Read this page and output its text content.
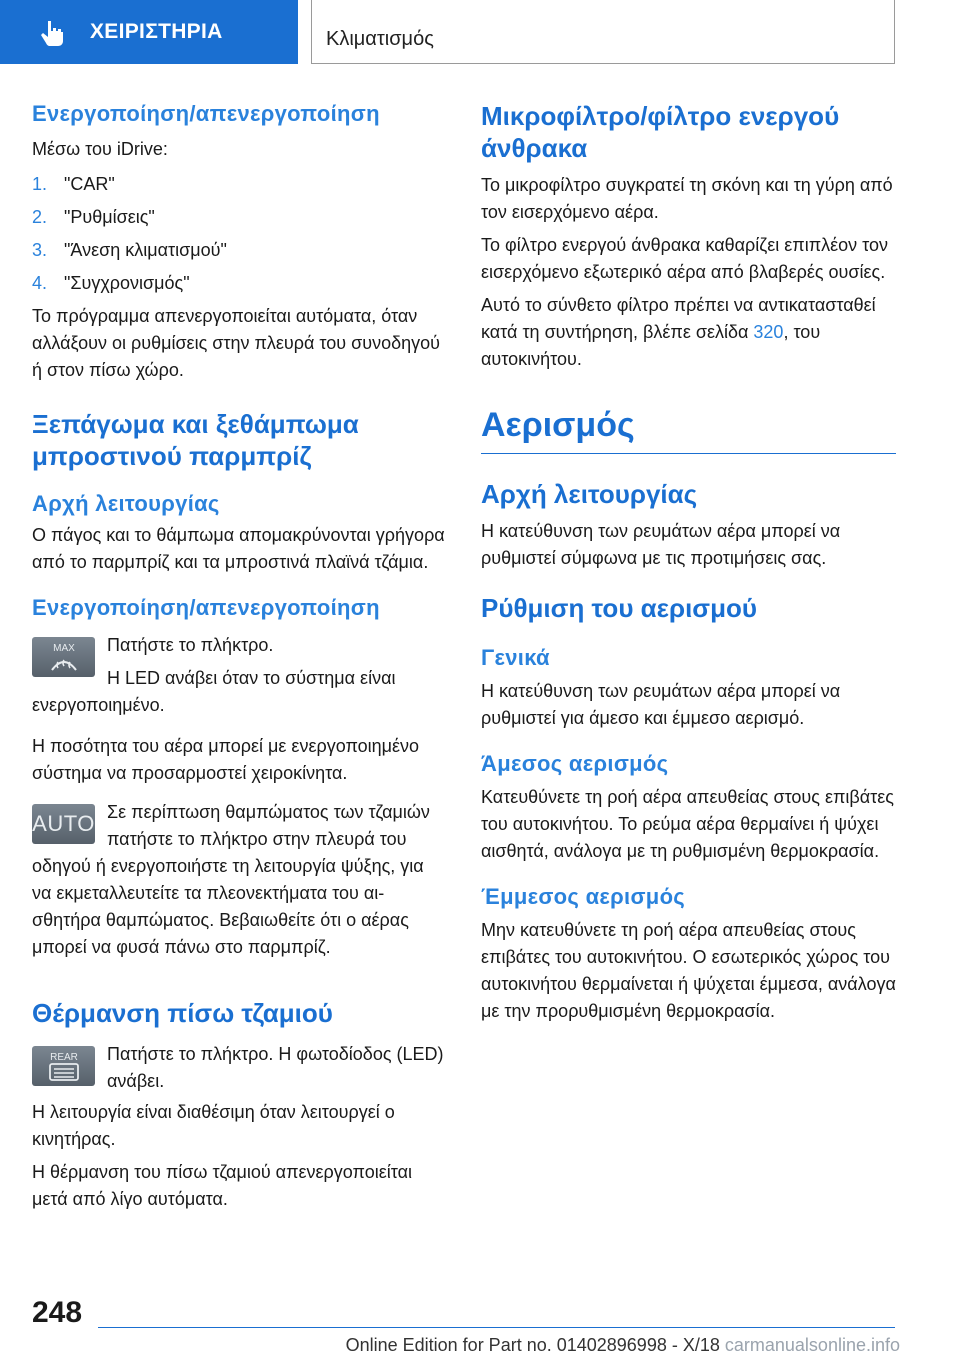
ΧΕΙΡΙΣΤΗΡΙΑ	Κλιματισμός
Ενεργοποίηση/απενεργοποίηση

Μέσω του iDrive:

1. "CAR"
2. "Ρυθμίσεις"
3. "Άνεση κλιματισμού"
4. "Συγχρονισμός"

Το πρόγραμμα απενεργοποιείται αυτόματα, όταν αλλάξουν οι ρυθμίσεις στην πλευρά του συνοδηγού ή στον πίσω χώρο.

Ξεπάγωμα και ξεθάμπωμα μπροστινού παρμπρίζ
Αρχή λειτουργίας

Ο πάγος και το θάμπωμα απομακρύνονται γρήγορα από το παρμπρίζ και τα μπροστινά πλαϊνά τζάμια.

Ενεργοποίηση/απενεργοποίηση
MAX	Πατήστε το πλήκτρο.

Η LED ανάβει όταν το σύστημα είναι ενεργοποιημένο.

Η ποσότητα του αέρα μπορεί με ενεργοποιημένο σύστημα να προσαρμοστεί χειροκίνητα.

AUTO Σε περίπτωση θαμπώματος των τζαμιών πατήστε το πλήκτρο στην πλευρά του οδηγού ή ενεργοποιήστε τη λειτουργία ψύξης, για να εκμεταλλευτείτε τα πλεονεκτήματα του αισθητήρα θαμπώματος. Βεβαιωθείτε ότι ο αέρας μπορεί να φυσά πάνω στο παρμπρίζ.

Θέρμανση πίσω τζαμιού
REAR	Πατήστε το πλήκτρο. Η φωτοδίοδος (LED) ανάβει.

Η λειτουργία είναι διαθέσιμη όταν λειτουργεί ο κινητήρας.

Η θέρμανση του πίσω τζαμιού απενεργοποιείται μετά από λίγο αυτόματα.

Μικροφίλτρο/φίλτρο ενεργού άνθρακα

Το μικροφίλτρο συγκρατεί τη σκόνη και τη γύρη από τον εισερχόμενο αέρα.

Το φίλτρο ενεργού άνθρακα καθαρίζει επιπλέον τον εισερχόμενο εξωτερικό αέρα από βλαβερές ουσίες.

Αυτό το σύνθετο φίλτρο πρέπει να αντικατασταθεί κατά τη συντήρηση, βλέπε σελίδα 320, του αυτοκινήτου.

Αερισμός
Αρχή λειτουργίας

Η κατεύθυνση των ρευμάτων αέρα μπορεί να ρυθμιστεί σύμφωνα με τις προτιμήσεις σας.

Ρύθμιση του αερισμού
Γενικά

Η κατεύθυνση των ρευμάτων αέρα μπορεί να ρυθμιστεί για άμεσο και έμμεσο αερισμό.

Άμεσος αερισμός

Κατευθύνετε τη ροή αέρα απευθείας στους επιβάτες του αυτοκινήτου. Το ρεύμα αέρα θερμαίνει ή ψύχει αισθητά, ανάλογα με τη ρυθμισμένη θερμοκρασία.

Έμμεσος αερισμός

Μην κατευθύνετε τη ροή αέρα απευθείας στους επιβάτες του αυτοκινήτου. Ο εσωτερικός χώρος του αυτοκινήτου θερμαίνεται ή ψύχεται έμμεσα, ανάλογα με την προρυθμισμένη θερμοκρασία.

248
Online Edition for Part no. 01402896998 - X/18 carmanualsonline.info
